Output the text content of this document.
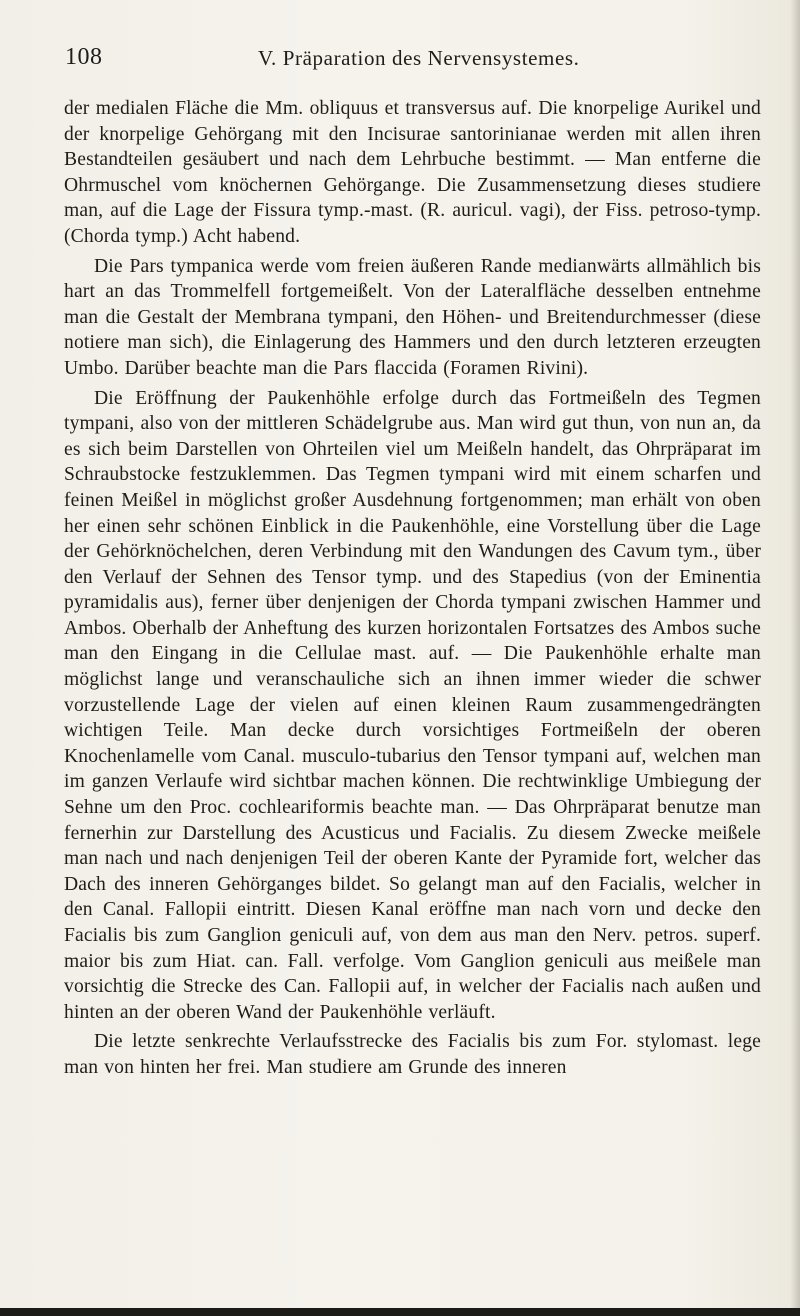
108	V. Präparation des Nervensystemes.

der medialen Fläche die Mm. obliquus et transversus auf. Die knorpelige Aurikel und der knorpelige Gehörgang mit den Incisurae santorinianae werden mit allen ihren Bestandteilen gesäubert und nach dem Lehrbuche bestimmt. — Man entferne die Ohrmuschel vom knöchernen Gehörgange. Die Zusammensetzung dieses studiere man, auf die Lage der Fissura tymp.-mast. (R. auricul. vagi), der Fiss. petroso-tymp. (Chorda tymp.) Acht habend.

Die Pars tympanica werde vom freien äußeren Rande medianwärts allmählich bis hart an das Trommelfell fortgemeißelt. Von der Lateralfläche desselben entnehme man die Gestalt der Membrana tympani, den Höhen- und Breitendurchmesser (diese notiere man sich), die Einlagerung des Hammers und den durch letzteren erzeugten Umbo. Darüber beachte man die Pars flaccida (Foramen Rivini).

Die Eröffnung der Paukenhöhle erfolge durch das Fortmeißeln des Tegmen tympani, also von der mittleren Schädelgrube aus. Man wird gut thun, von nun an, da es sich beim Darstellen von Ohrteilen viel um Meißeln handelt, das Ohrpräparat im Schraubstocke festzuklemmen. Das Tegmen tympani wird mit einem scharfen und feinen Meißel in möglichst großer Ausdehnung fortgenommen; man erhält von oben her einen sehr schönen Einblick in die Paukenhöhle, eine Vorstellung über die Lage der Gehörknöchelchen, deren Verbindung mit den Wandungen des Cavum tym., über den Verlauf der Sehnen des Tensor tymp. und des Stapedius (von der Eminentia pyramidalis aus), ferner über denjenigen der Chorda tympani zwischen Hammer und Ambos. Oberhalb der Anheftung des kurzen horizontalen Fortsatzes des Ambos suche man den Eingang in die Cellulae mast. auf. — Die Paukenhöhle erhalte man möglichst lange und veranschauliche sich an ihnen immer wieder die schwer vorzustellende Lage der vielen auf einen kleinen Raum zusammengedrängten wichtigen Teile. Man decke durch vorsichtiges Fortmeißeln der oberen Knochenlamelle vom Canal. musculo-tubarius den Tensor tympani auf, welchen man im ganzen Verlaufe wird sichtbar machen können. Die rechtwinklige Umbiegung der Sehne um den Proc. cochleariformis beachte man. — Das Ohrpräparat benutze man fernerhin zur Darstellung des Acusticus und Facialis. Zu diesem Zwecke meißele man nach und nach denjenigen Teil der oberen Kante der Pyramide fort, welcher das Dach des inneren Gehörganges bildet. So gelangt man auf den Facialis, welcher in den Canal. Fallopii eintritt. Diesen Kanal eröffne man nach vorn und decke den Facialis bis zum Ganglion geniculi auf, von dem aus man den Nerv. petros. superf. maior bis zum Hiat. can. Fall. verfolge. Vom Ganglion geniculi aus meißele man vorsichtig die Strecke des Can. Fallopii auf, in welcher der Facialis nach außen und hinten an der oberen Wand der Paukenhöhle verläuft.

Die letzte senkrechte Verlaufsstrecke des Facialis bis zum For. stylomast. lege man von hinten her frei. Man studiere am Grunde des inneren
